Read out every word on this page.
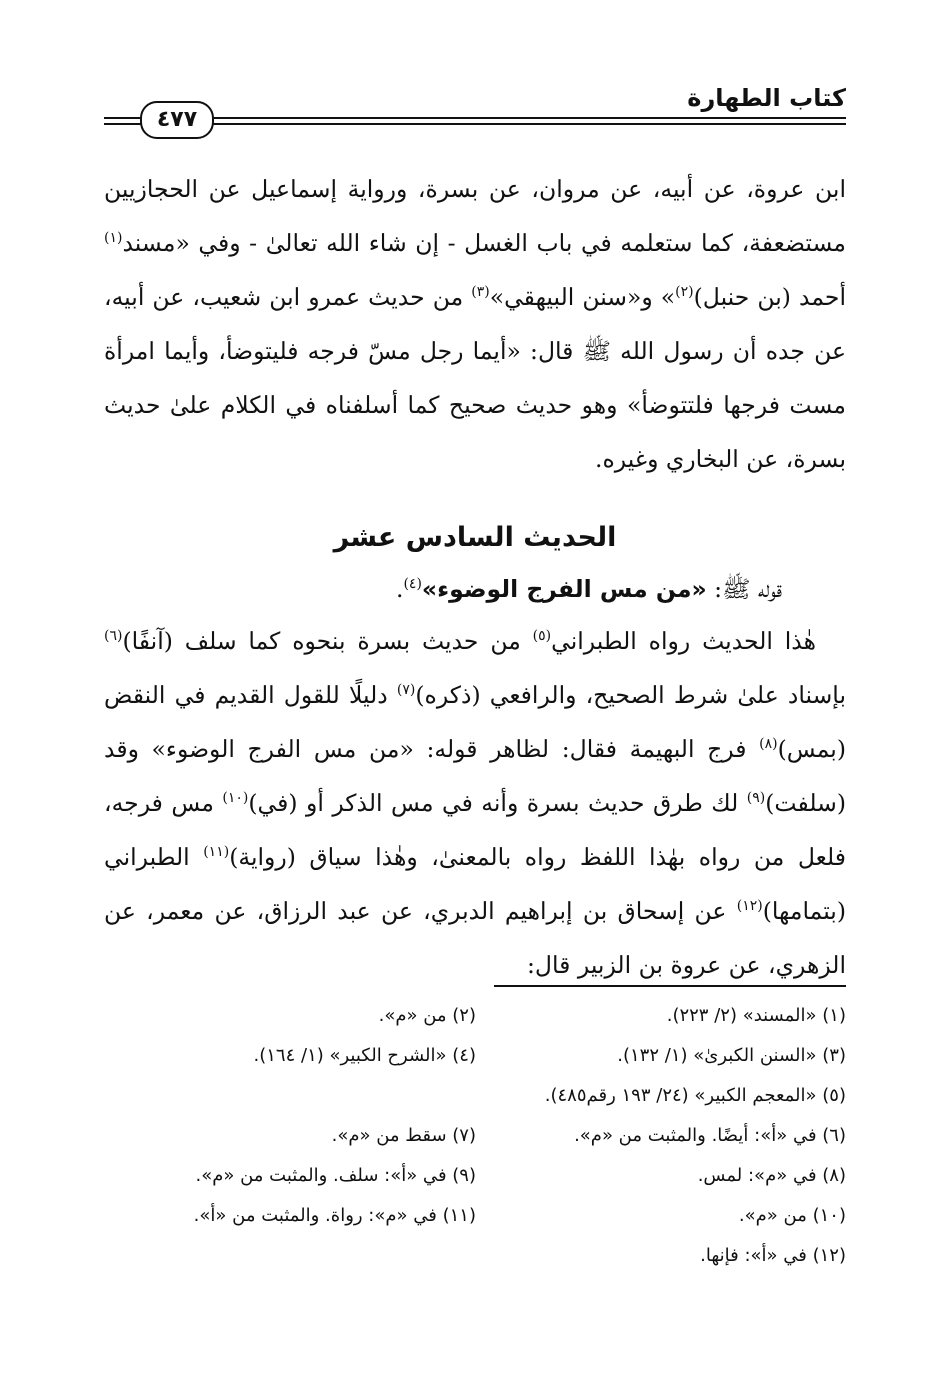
كتاب الطهارة
٤٧٧

ابن عروة، عن أبيه، عن مروان، عن بسرة، ورواية إسماعيل عن الحجازيين مستضعفة، كما ستعلمه في باب الغسل - إن شاء الله تعالىٰ - وفي «مسند$^{(١)}$ أحمد (بن حنبل)$^{(٢)}$» و«سنن البيهقي»$^{(٣)}$ من حديث عمرو ابن شعيب، عن أبيه، عن جده أن رسول الله ﷺ قال: «أيما رجل مسّ فرجه فليتوضأ، وأيما امرأة مست فرجها فلتتوضأ» وهو حديث صحيح كما أسلفناه في الكلام علىٰ حديث بسرة، عن البخاري وغيره.

الحديث السادس عشر

قوله ﷺ: «من مس الفرج الوضوء»$^{(٤)}$.

هٰذا الحديث رواه الطبراني$^{(٥)}$ من حديث بسرة بنحوه كما سلف (آنفًا)$^{(٦)}$ بإسناد علىٰ شرط الصحيح، والرافعي (ذكره)$^{(٧)}$ دليلًا للقول القديم في النقض (بمس)$^{(٨)}$ فرج البهيمة فقال: لظاهر قوله: «من مس الفرج الوضوء» وقد (سلفت)$^{(٩)}$ لك طرق حديث بسرة وأنه في مس الذكر أو (في)$^{(١٠)}$ مس فرجه، فلعل من رواه بهٰذا اللفظ رواه بالمعنىٰ، وهٰذا سياق (رواية)$^{(١١)}$ الطبراني (بتمامها)$^{(١٢)}$ عن إسحاق بن إبراهيم الدبري، عن عبد الرزاق، عن معمر، عن الزهري، عن عروة بن الزبير قال:

(١) «المسند» (٢/ ٢٢٣).
(٢) من «م».
(٣) «السنن الكبرىٰ» (١/ ١٣٢).
(٤) «الشرح الكبير» (١/ ١٦٤).
(٥) «المعجم الكبير» (٢٤/ ١٩٣ رقم٤٨٥).
(٦) في «أ»: أيضًا. والمثبت من «م».
(٧) سقط من «م».
(٨) في «م»: لمس.
(٩) في «أ»: سلف. والمثبت من «م».
(١٠) من «م».
(١١) في «م»: رواة. والمثبت من «أ».
(١٢) في «أ»: فإنها.
